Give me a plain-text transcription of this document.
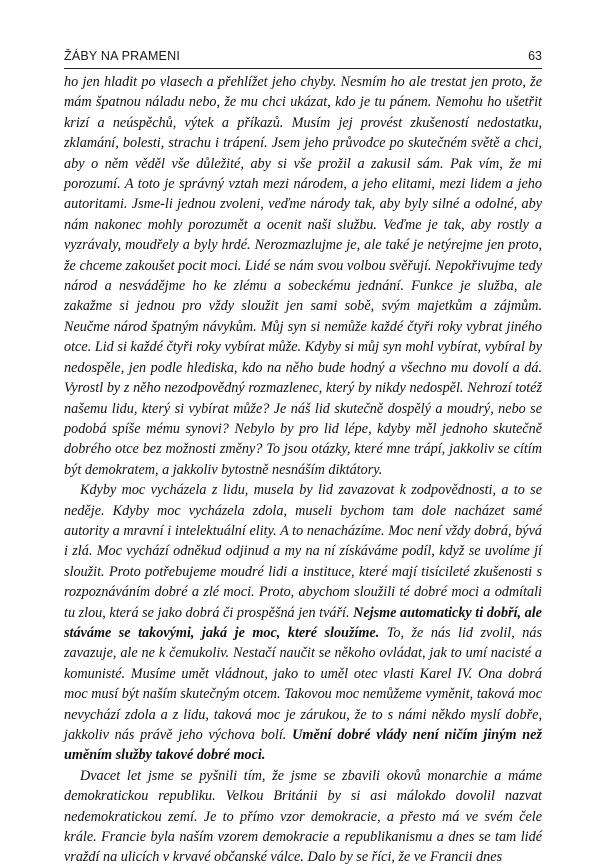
ŽÁBY NA PRAMENI	63

ho jen hladit po vlasech a přehlížet jeho chyby. Nesmím ho ale trestat jen proto, že mám špatnou náladu nebo, že mu chci ukázat, kdo je tu pánem. Nemohu ho ušetřit krizí a neúspěchů, výtek a příkazů. Musím jej provést zkušeností nedostatku, zklamání, bolesti, strachu i trápení. Jsem jeho průvodce po skutečném světě a chci, aby o něm věděl vše důležité, aby si vše prožil a zakusil sám. Pak vím, že mi porozumí. A toto je správný vztah mezi národem, a jeho elitami, mezi lidem a jeho autoritami. Jsme-li jednou zvoleni, veďme národy tak, aby byly silné a odolné, aby nám nakonec mohly porozumět a ocenit naši službu. Veďme je tak, aby rostly a vyzrávaly, moudřely a byly hrdé. Nerozmazlujme je, ale také je netýrejme jen proto, že chceme zakoušet pocit moci. Lidé se nám svou volbou svěřují. Nepokřivujme tedy národ a nesvádějme ho ke zlému a sobeckému jednání. Funkce je služba, ale zakažme si jednou pro vždy sloužit jen sami sobě, svým majetkům a zájmům. Neučme národ špatným návykům. Můj syn si nemůže každé čtyři roky vybrat jiného otce. Lid si každé čtyři roky vybírat může. Kdyby si můj syn mohl vybírat, vybíral by nedospěle, jen podle hlediska, kdo na něho bude hodný a všechno mu dovolí a dá. Vyrostl by z něho nezodpovědný rozmazlenec, který by nikdy nedospěl. Nehrozí totéž našemu lidu, který si vybírat může? Je náš lid skutečně dospělý a moudrý, nebo se podobá spíše mému synovi? Nebylo by pro lid lépe, kdyby měl jednoho skutečně dobrého otce bez možnosti změny? To jsou otázky, které mne trápí, jakkoliv se cítím být demokratem, a jakkoliv bytostně nesnáším diktátory.

Kdyby moc vycházela z lidu, musela by lid zavazovat k zodpovědnosti, a to se neděje. Kdyby moc vycházela zdola, museli bychom tam dole nacházet samé autority a mravní i intelektuální elity. A to nenacházíme. Moc není vždy dobrá, bývá i zlá. Moc vychází odněkud odjinud a my na ní získáváme podíl, když se uvolíme jí sloužit. Proto potřebujeme moudré lidi a instituce, které mají tisícileté zkušenosti s rozpoznáváním dobré a zlé moci. Proto, abychom sloužili té dobré moci a odmítali tu zlou, která se jako dobrá či prospěšná jen tváří. Nejsme automaticky ti dobří, ale stáváme se takovými, jaká je moc, které sloužíme. To, že nás lid zvolil, nás zavazuje, ale ne k čemukoliv. Nestačí naučit se někoho ovládat, jak to umí nacisté a komunisté. Musíme umět vládnout, jako to uměl otec vlasti Karel IV. Ona dobrá moc musí být naším skutečným otcem. Takovou moc nemůžeme vyměnit, taková moc nevychází zdola a z lidu, taková moc je zárukou, že to s námi někdo myslí dobře, jakkoliv nás právě jeho výchova bolí. Umění dobré vlády není ničím jiným než uměním služby takové dobré moci.

Dvacet let jsme se pyšnili tím, že jsme se zbavili okovů monarchie a máme demokratickou republiku. Velkou Británii by si asi málokdo dovolil nazvat nedemokratickou zemí. Je to přímo vzor demokracie, a přesto má ve svém čele krále. Francie byla naším vzorem demokracie a republikanismu a dnes se tam lidé vraždí na ulicích v krvavé občanské válce. Dalo by se říci, že ve Francii dnes
